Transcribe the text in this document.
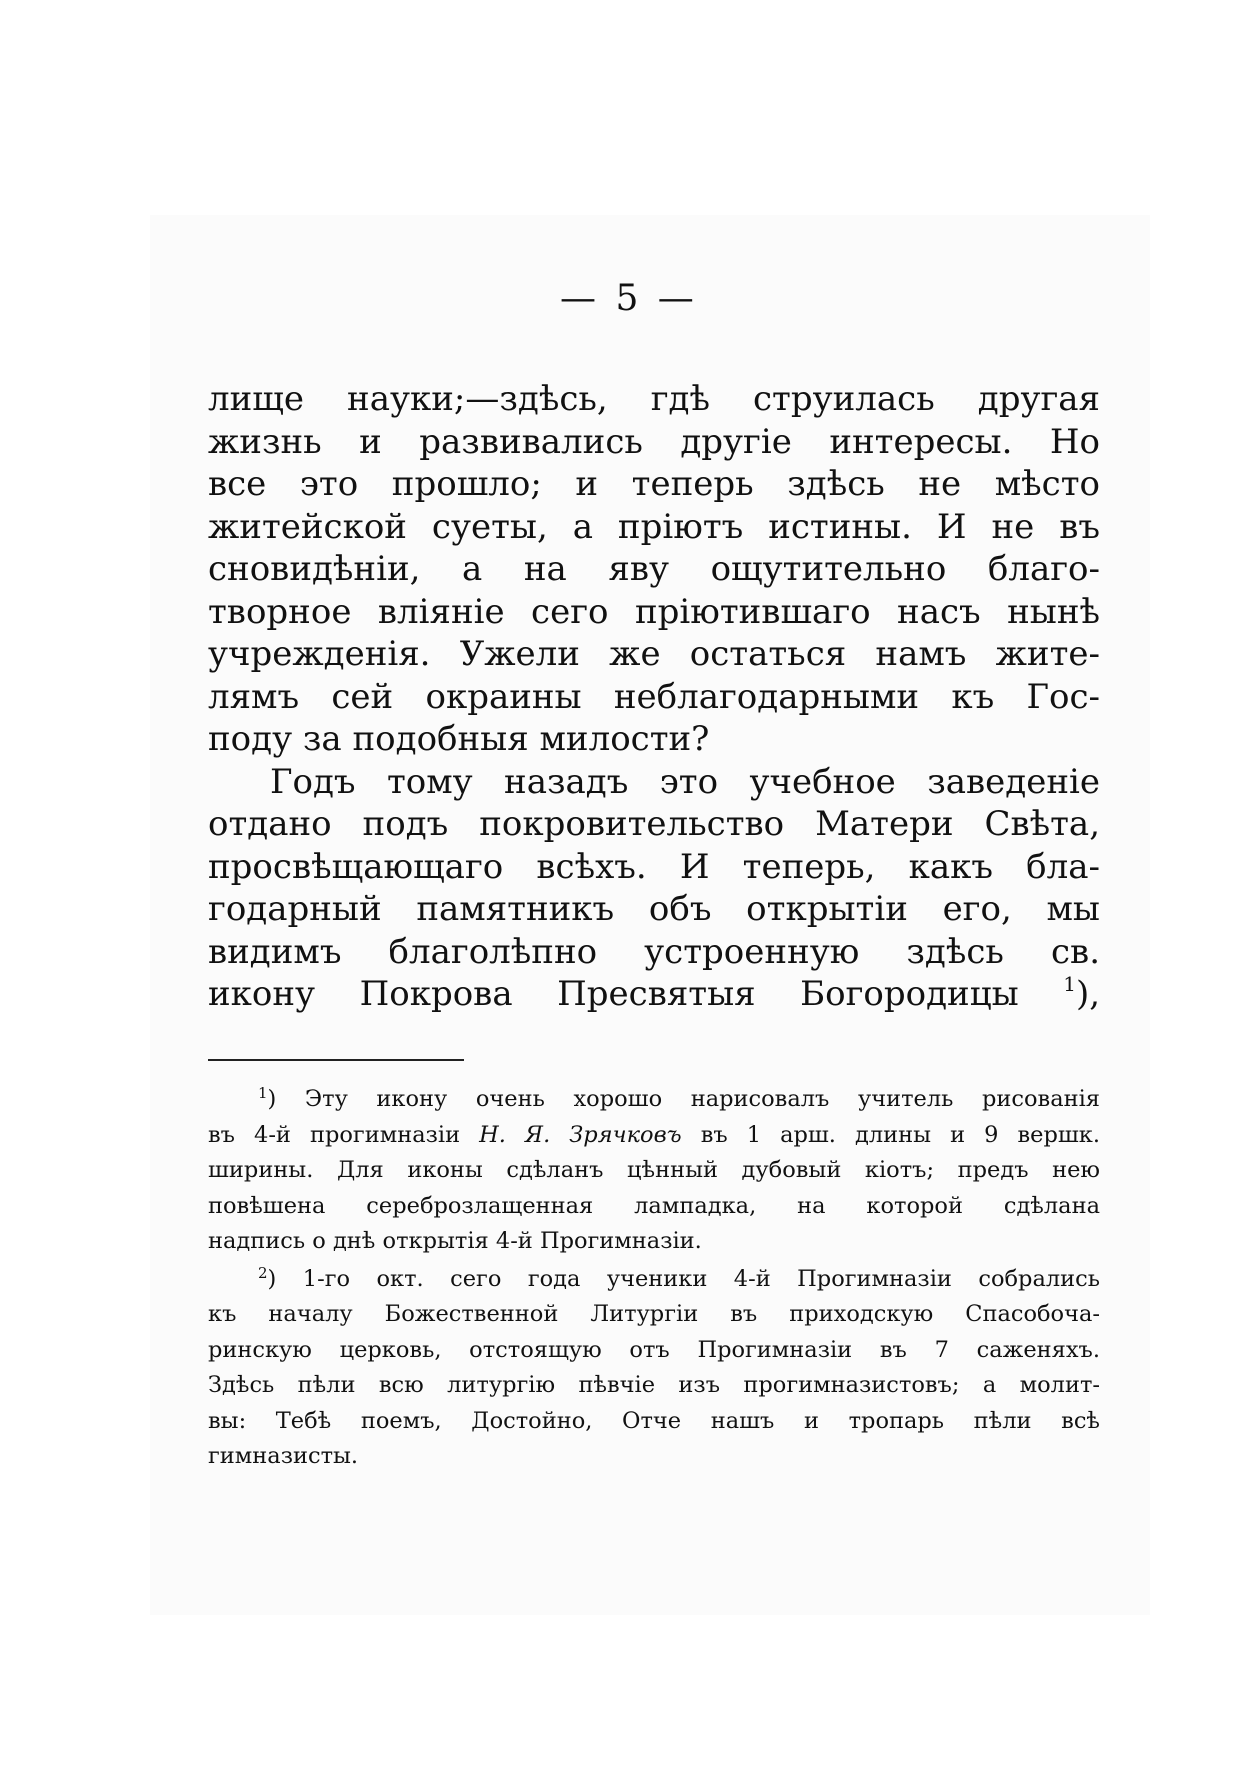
— 5 —
лище науки;—здѣсь, гдѣ струилась другая
жизнь и развивались другіе интересы. Но
все это прошло; и теперь здѣсь не мѣсто
житейской суеты, а пріютъ истины. И не въ
сновидѣніи, а на яву ощутительно благо-
творное вліяніе сего пріютившаго насъ нынѣ
учрежденія. Ужели же остаться намъ жите-
лямъ сей окраины неблагодарными къ Гос-
поду за подобныя милости?
Годъ тому назадъ это учебное заведеніе
отдано подъ покровительство Матери Свѣта,
просвѣщающаго всѣхъ. И теперь, какъ бла-
годарный памятникъ объ открытіи его, мы
видимъ благолѣпно устроенную здѣсь св.
икону Покрова Пресвятыя Богородицы $^1$),
$^1$) Эту икону очень хорошо нарисовалъ учитель рисованія
въ 4-й прогимназіи Н. Я. Зрячковъ въ 1 арш. длины и 9 вершк.
ширины. Для иконы сдѣланъ цѣнный дубовый кіотъ; предъ нею
повѣшена сереброзлащенная лампадка, на которой сдѣлана
надпись о днѣ открытія 4-й Прогимназіи.
$^2$) 1-го окт. сего года ученики 4-й Прогимназіи собрались
къ началу Божественной Литургіи въ приходскую Спасобоча-
ринскую церковь, отстоящую отъ Прогимназіи въ 7 саженяхъ.
Здѣсь пѣли всю литургію пѣвчіе изъ прогимназистовъ; а молит-
вы: Тебѣ поемъ, Достойно, Отче нашъ и тропарь пѣли всѣ
гимназисты.
